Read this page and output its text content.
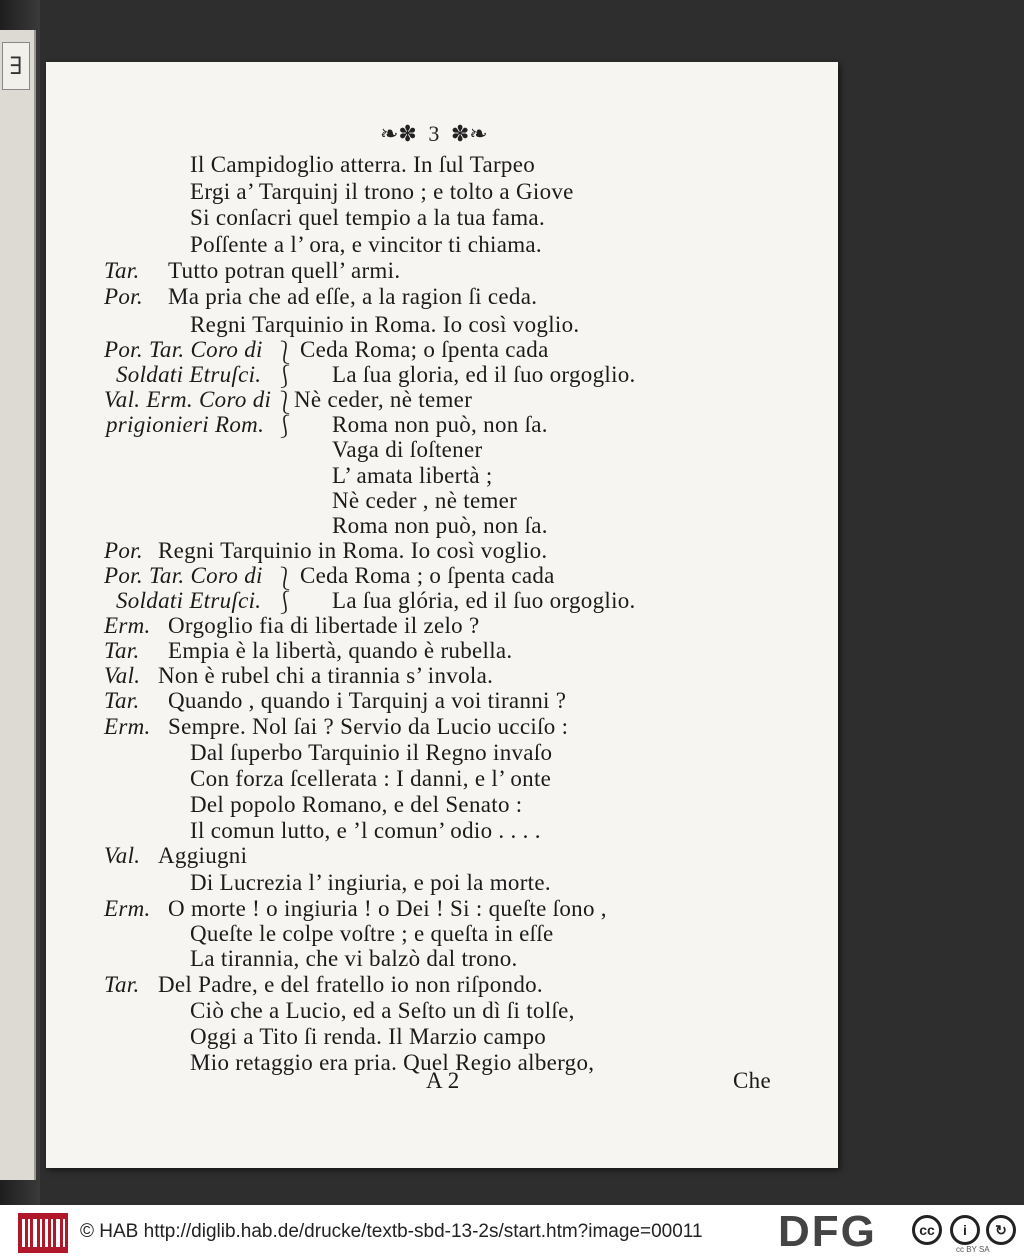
∃
❧✽ 3 ✽❧
Il Campidoglio atterra. In ſul Tarpeo
Ergi a’ Tarquinj il trono ; e tolto a Giove
Si conſacri quel tempio a la tua fama.
Poſſente a l’ ora, e vincitor ti chiama.
Tar. Tutto potran quell’ armi.
Por. Ma pria che ad eſſe, a la ragion ſi ceda.
Regni Tarquinio in Roma. Io così voglio.
Por. Tar. Coro di Ceda Roma; o ſpenta cada
Soldati Etruſci.	La ſua gloria, ed il ſuo orgoglio.
Val. Erm. Coro di Nè ceder, nè temer
prigionieri Rom.	Roma non può, non ſa.
Vaga di ſoſtener
L’ amata libertà ;
Nè ceder , nè temer
Roma non può, non ſa.
Por. Regni Tarquinio in Roma. Io così voglio.
Por. Tar. Coro di Ceda Roma ; o ſpenta cada
Soldati Etruſci.	La ſua glória, ed il ſuo orgoglio.
Erm. Orgoglio fia di libertade il zelo ?
Tar. Empia è la libertà, quando è rubella.
Val. Non è rubel chi a tirannia s’ invola.
Tar. Quando , quando i Tarquinj a voi tiranni ?
Erm. Sempre. Nol ſai ? Servio da Lucio ucciſo :
Dal ſuperbo Tarquinio il Regno invaſo
Con forza ſcellerata : I danni, e l’ onte
Del popolo Romano, e del Senato :
Il comun lutto, e ’l comun’ odio . . . .
Val. Aggiugni
Di Lucrezia l’ ingiuria, e poi la morte.
Erm. O morte ! o ingiuria ! o Dei ! Si : queſte ſono ,
Queſte le colpe voſtre ; e queſta in eſſe
La tirannia, che vi balzò dal trono.
Tar. Del Padre, e del fratello io non riſpondo.
Ciò che a Lucio, ed a Seſto un dì ſi tolſe,
Oggi a Tito ſi renda. Il Marzio campo
Mio retaggio era pria. Quel Regio albergo,
⎱
⎰
⎱
⎰
⎱
⎰
A 2	Che
© HAB http://diglib.hab.de/drucke/textb-sbd-13-2s/start.htm?image=00011 DFG	cc	i	↻
cc BY SA
